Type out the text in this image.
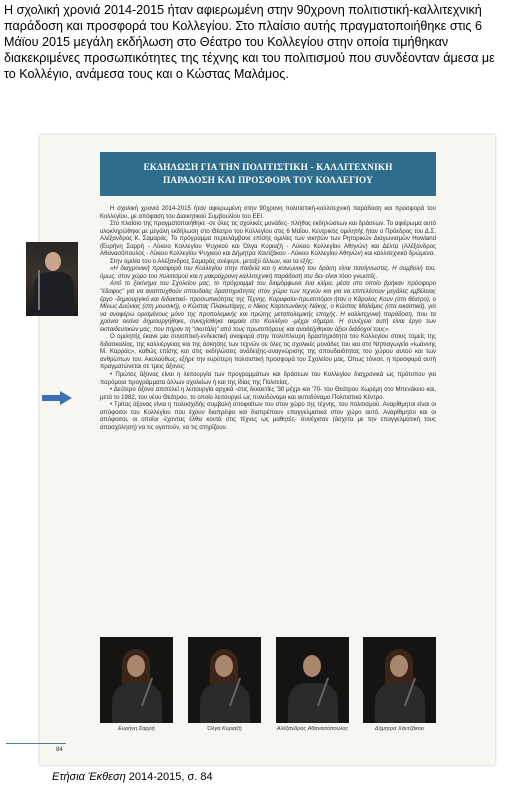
Η σχολική χρονιά 2014-2015 ήταν αφιερωμένη στην 90χρονη πολιτιστική-καλλιτεχνική παράδοση και προσφορά του Κολλεγίου. Στο πλαίσιο αυτής πραγματοποιήθηκε στις 6 Μάϊου 2015 μεγάλη εκδήλωση στο Θέατρο του Κολλεγίου στην οποία τιμήθηκαν διακεκριμένες προσωπικότητες της τέχνης και του πολιτισμού που συνδέονταν άμεσα με το Κολλέγιο, ανάμεσα τους και ο Κώστας Μαλάμος.
ΕΚΔΗΛΩΣΗ ΓΙΑ ΤΗΝ ΠΟΛΙΤΙΣΤΙΚΗ - ΚΑΛΛΙΤΕΧΝΙΚΗ
ΠΑΡΑΔΟΣΗ ΚΑΙ ΠΡΟΣΦΟΡΑ ΤΟΥ ΚΟΛΛΕΓΙΟΥ

Η σχολική χρονιά 2014-2015 ήταν αφιερωμένη στην 90χρονη πολιτιστική-καλλιτεχνική παράδοση και προσφορά του Κολλεγίου, με απόφαση του Διοικητικού Συμβουλίου του ΕΕΙ.

Στο πλαίσιο της πραγματοποιήθηκε -σε όλες τις σχολικές μονάδες- πλήθος εκδηλώσεων και δράσεων. Το αφιέρωμα αυτό ολοκληρώθηκε με μεγάλη εκδήλωση στο Θέατρο του Κολλεγίου στις 6 Μαΐου. Κεντρικός ομιλητής ήταν ο Πρόεδρος του Δ.Σ. Αλέξανδρος Κ. Σαμαράς. Το πρόγραμμα περιελάμβανε επίσης ομιλίες των νικητών των Ρητορικών Διαγωνισμών Howland (Ευρήνη Σαρρή - Λύκειο Κολλεγίου Ψυχικού και Όλγα Κυριαζή - Λύκειο Κολλεγίου Αθηνών) και Δέλτα (Αλέξανδρος Αθανασόπουλος - Λύκειο Κολλεγίου Ψυχικού και Δήμητρα Χαντζάκου - Λύκειο Κολλεγίου Αθηνών) και καλλιτεχνικά δρώμενα.

Στην ομιλία του ο Αλέξανδρος Σαμαράς ανέφερε, μεταξύ άλλων, και τα εξής:

«Η διαχρονική προσφορά του Κολλεγίου στην παιδεία και η κοινωνική του δράση είναι πασίγνωστες. Η συμβολή του, όμως, στον χώρο του πολιτισμού και η μακρόχρονη καλλιτεχνική παράδοσή του δεν είναι τόσο γνωστές.

Από το ξεκίνημα του Σχολείου μας, το πρόγραμμά του διαμόρφωνε ένα κλίμα, μέσα στο οποίο βρήκαν πρόσφορο "έδαφος" για να αναπτυχθούν σπουδαίες δραστηριότητες στον χώρο των τεχνών και για να επιτελέσουν μεγάλες εμβέλειας έργο -δημιουργικό και διδακτικό- προσωπικότητες της Τέχνης. Κορυφαίοι-πρωτοπόροι ήταν ο Κάρολος Κουν (στο θέατρο), ο Μίνως Δούνιας (στη μουσική), ο Κώστας Πλακωτάρης, ο Νίκος Καρτσωνάκης-Νάκης, ο Κώστας Μαλάμος (στα εικαστικά), για να αναφέρω ορισμένους μόνο της προπολεμικής και πρώτης μεταπολεμικής εποχής. Η καλλιτεχνική παράδοση, που τα χρόνια εκείνα δημιουργήθηκε, συνεχίσθηκε ακμαία στο Κολλέγιο -μέχρι σήμερα. Η συνέχεια αυτή είναι έργο των εκπαιδευτικών μας, που πήραν τη "σκυτάλη" από τους πρωτοπόρους και αναδείχθηκαν άξιοι διάδοχοί τους».

Ο ομιλητής έκανε μια συνοπτική-ενδεικτική αναφορά στην πολύπλευρη δραστηριότητα του Κολλεγίου στους τομείς της διδασκαλίας, της καλλιέργειας και της άσκησης των τεχνών σε όλες τις σχολικές μονάδες του και στο Νηπιαγωγείο «Ιωάννης Μ. Καρράς», καθώς επίσης και στις εκδηλώσεις ανάδειξης-αναγνώρισης της σπουδαιότητας του χώρου αυτού και των ανθρώπων του. Ακολούθως, εξήρε την ευρύτερη πολιτιστική προσφορά του Σχολείου μας. Όπως τόνισε, η προσφορά αυτή πραγματώνεται σε τρεις άξονες:

• Πρώτος άξονας είναι η λειτουργία των προγραμμάτων και δράσεων του Κολλεγίου διαχρονικά ως πρότυπου για παρόμοια προγράμματα άλλων σχολείων ή και της ίδιας της Πολιτείας.

• Δεύτερο άξονα αποτελεί η λειτουργία αρχικά -στις δεκαετίες '30 μέχρι και '70- του Θεάτρου Χωρέμη στο Μπενάκειο και, μετά το 1982, του νέου Θεάτρου, το οποίο λειτουργεί ως πολυδύναμο και αυτοδύναμο Πολιτιστικό Κέντρο.

• Τρίτος άξονας είναι η πολυσχιδής συμβολή αποφοίτων του στον χώρο της τέχνης, του πολιτισμού. Αναρίθμητοι είναι οι απόφοιτοι του Κολλεγίου που έχουν διαπρέψει και διαπρέπουν επαγγελματικά στον χώρο αυτό. Αναρίθμητοι και οι απόφοιτοι, οι οποίοι -έχοντας έλθει κοντά στις τέχνες ως μαθητές- συνέχισαν (άσχετα με την επαγγελματική τους απασχόληση) να τις αγαπούν, να τις στηρίζουν.

Ευρήνη Σαρρή	Όλγα Κυριαζή	Αλέξανδρος Αθανασόπουλος	Δήμητρα Χαντζάκου
84
Ετήσια Έκθεση 2014-2015, σ. 84
